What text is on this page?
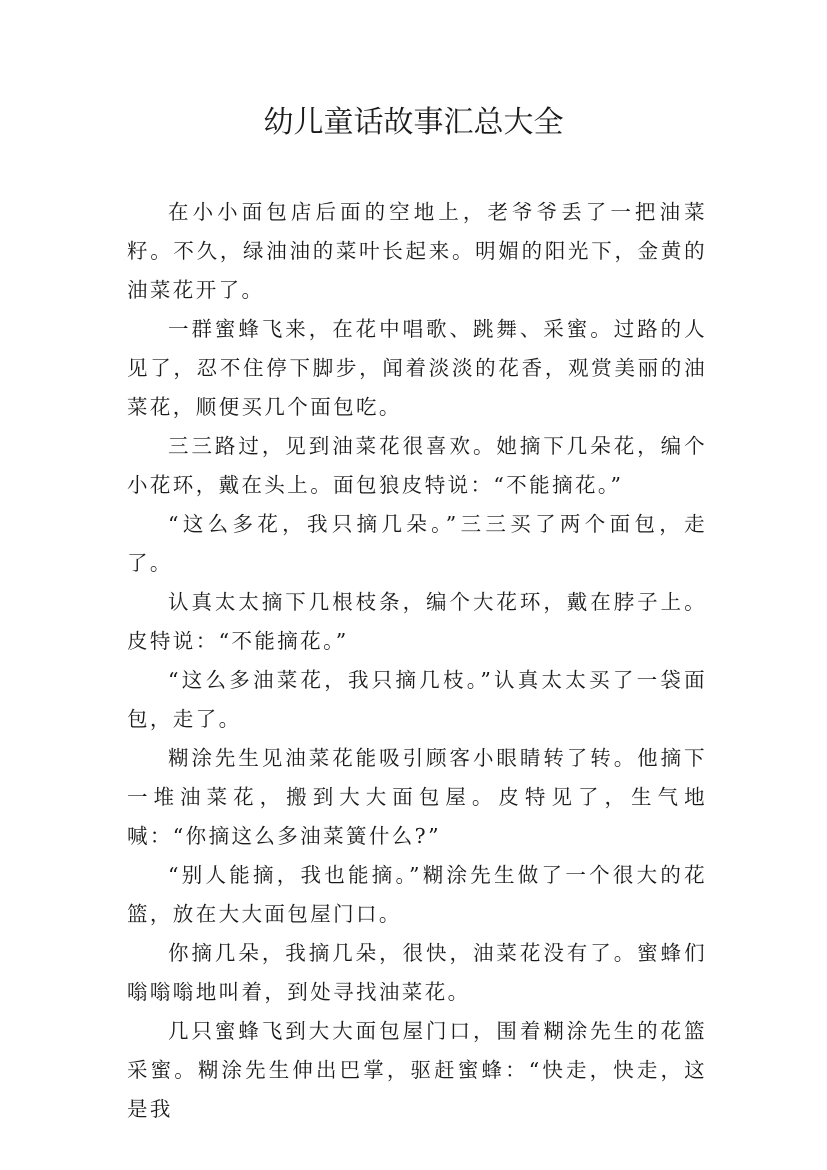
幼儿童话故事汇总大全

在小小面包店后面的空地上，老爷爷丢了一把油菜籽。不久，绿油油的菜叶长起来。明媚的阳光下，金黄的油菜花开了。

一群蜜蜂飞来，在花中唱歌、跳舞、采蜜。过路的人见了，忍不住停下脚步，闻着淡淡的花香，观赏美丽的油菜花，顺便买几个面包吃。

三三路过，见到油菜花很喜欢。她摘下几朵花，编个小花环，戴在头上。面包狼皮特说：“不能摘花。”

“这么多花，我只摘几朵。”三三买了两个面包，走了。

认真太太摘下几根枝条，编个大花环，戴在脖子上。皮特说：“不能摘花。”

“这么多油菜花，我只摘几枝。”认真太太买了一袋面包，走了。

糊涂先生见油菜花能吸引顾客小眼睛转了转。他摘下一堆油菜花，搬到大大面包屋。皮特见了，生气地喊：“你摘这么多油菜簧什么?”

“别人能摘，我也能摘。”糊涂先生做了一个很大的花篮，放在大大面包屋门口。

你摘几朵，我摘几朵，很快，油菜花没有了。蜜蜂们嗡嗡嗡地叫着，到处寻找油菜花。

几只蜜蜂飞到大大面包屋门口，围着糊涂先生的花篮采蜜。糊涂先生伸出巴掌，驱赶蜜蜂：“快走，快走，这是我
